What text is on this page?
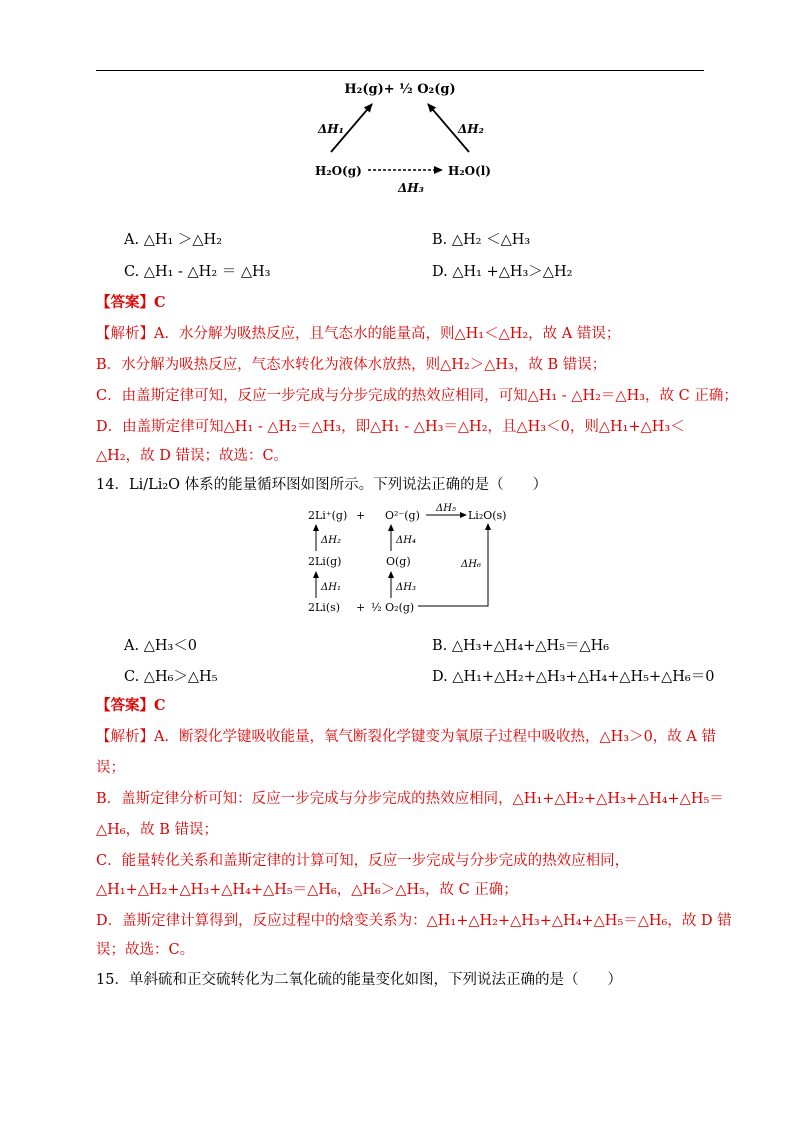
H₂(g)+ ½ O₂(g)
ΔH₁	ΔH₂
H₂O(g)	H₂O(l)
ΔH₃
A. △H₁ ＞△H₂	B. △H₂ ＜△H₃
C. △H₁ - △H₂ ＝ △H₃	D. △H₁ +△H₃＞△H₂
【答案】C
【解析】A．水分解为吸热反应，且气态水的能量高，则△H₁＜△H₂，故 A 错误；
B．水分解为吸热反应，气态水转化为液体水放热，则△H₂＞△H₃，故 B 错误；
C．由盖斯定律可知，反应一步完成与分步完成的热效应相同，可知△H₁ - △H₂＝△H₃，故 C 正确；
D．由盖斯定律可知△H₁ - △H₂＝△H₃，即△H₁ - △H₃＝△H₂，且△H₃＜0，则△H₁+△H₃＜
△H₂，故 D 错误；故选：C。
14．Li/Li₂O 体系的能量循环图如图所示。下列说法正确的是（　　）
2Li⁺(g) + O²⁻(g)
ΔH₅
Li₂O(s)
ΔH₂	ΔH₄
2Li(g)	O(g)	ΔH₆
ΔH₁	ΔH₃
2Li(s) + ½ O₂(g)
A. △H₃＜0	B. △H₃+△H₄+△H₅＝△H₆
C. △H₆＞△H₅	D. △H₁+△H₂+△H₃+△H₄+△H₅+△H₆＝0
【答案】C
【解析】A．断裂化学键吸收能量，氧气断裂化学键变为氧原子过程中吸收热，△H₃＞0，故 A 错
误；
B．盖斯定律分析可知：反应一步完成与分步完成的热效应相同，△H₁+△H₂+△H₃+△H₄+△H₅＝
△H₆，故 B 错误；
C．能量转化关系和盖斯定律的计算可知，反应一步完成与分步完成的热效应相同，
△H₁+△H₂+△H₃+△H₄+△H₅＝△H₆，△H₆＞△H₅，故 C 正确；
D．盖斯定律计算得到，反应过程中的焓变关系为：△H₁+△H₂+△H₃+△H₄+△H₅＝△H₆，故 D 错
误；故选：C。
15．单斜硫和正交硫转化为二氧化硫的能量变化如图，下列说法正确的是（　　）
